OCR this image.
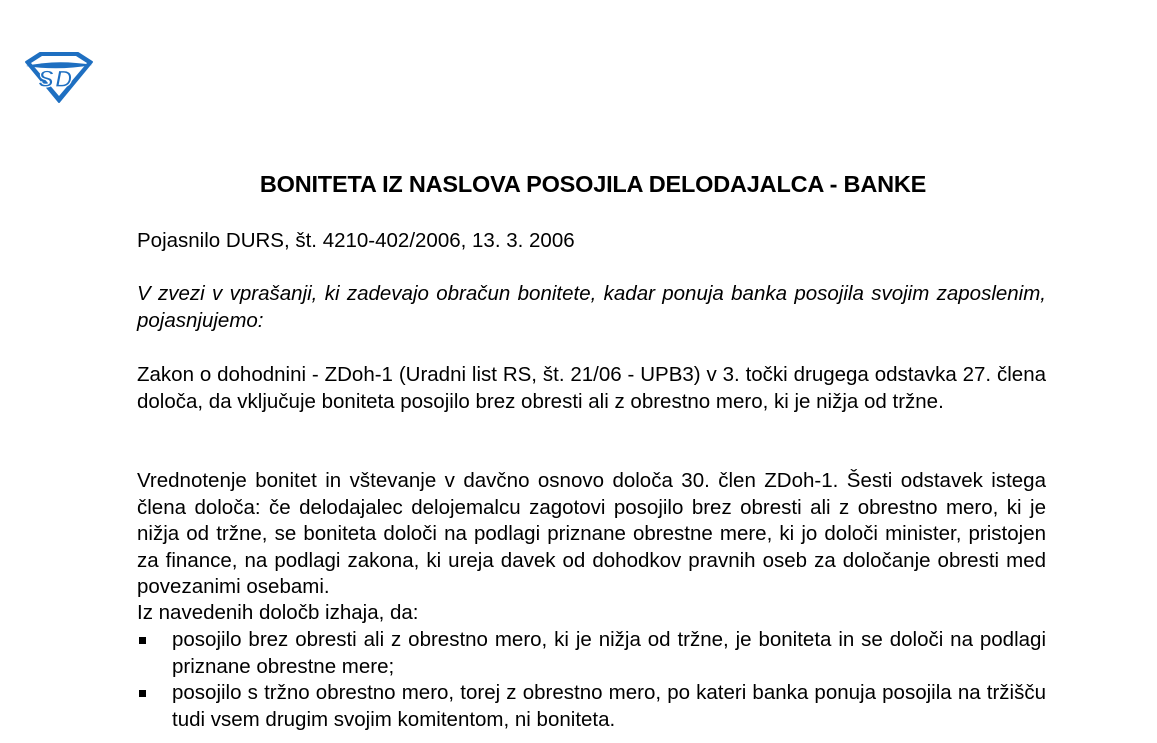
S D
BONITETA IZ NASLOVA POSOJILA DELODAJALCA - BANKE

Pojasnilo DURS, št. 4210-402/2006, 13. 3. 2006

V zvezi v vprašanji, ki zadevajo obračun bonitete, kadar ponuja banka posojila svojim zaposlenim, pojasnjujemo:

Zakon o dohodnini - ZDoh-1 (Uradni list RS, št. 21/06 - UPB3) v 3. točki drugega odstavka 27. člena določa, da vključuje boniteta posojilo brez obresti ali z obrestno mero, ki je nižja od tržne.

Vrednotenje bonitet in vštevanje v davčno osnovo določa 30. člen ZDoh-1. Šesti odstavek istega člena določa: če delodajalec delojemalcu zagotovi posojilo brez obresti ali z obrestno mero, ki je nižja od tržne, se boniteta določi na podlagi priznane obrestne mere, ki jo določi minister, pristojen za finance, na podlagi zakona, ki ureja davek od dohodkov pravnih oseb za določanje obresti med povezanimi osebami.

Iz navedenih določb izhaja, da:

posojilo brez obresti ali z obrestno mero, ki je nižja od tržne, je boniteta in se določi na podlagi priznane obrestne mere;
posojilo s tržno obrestno mero, torej z obrestno mero, po kateri banka ponuja posojila na tržišču tudi vsem drugim svojim komitentom, ni boniteta.
